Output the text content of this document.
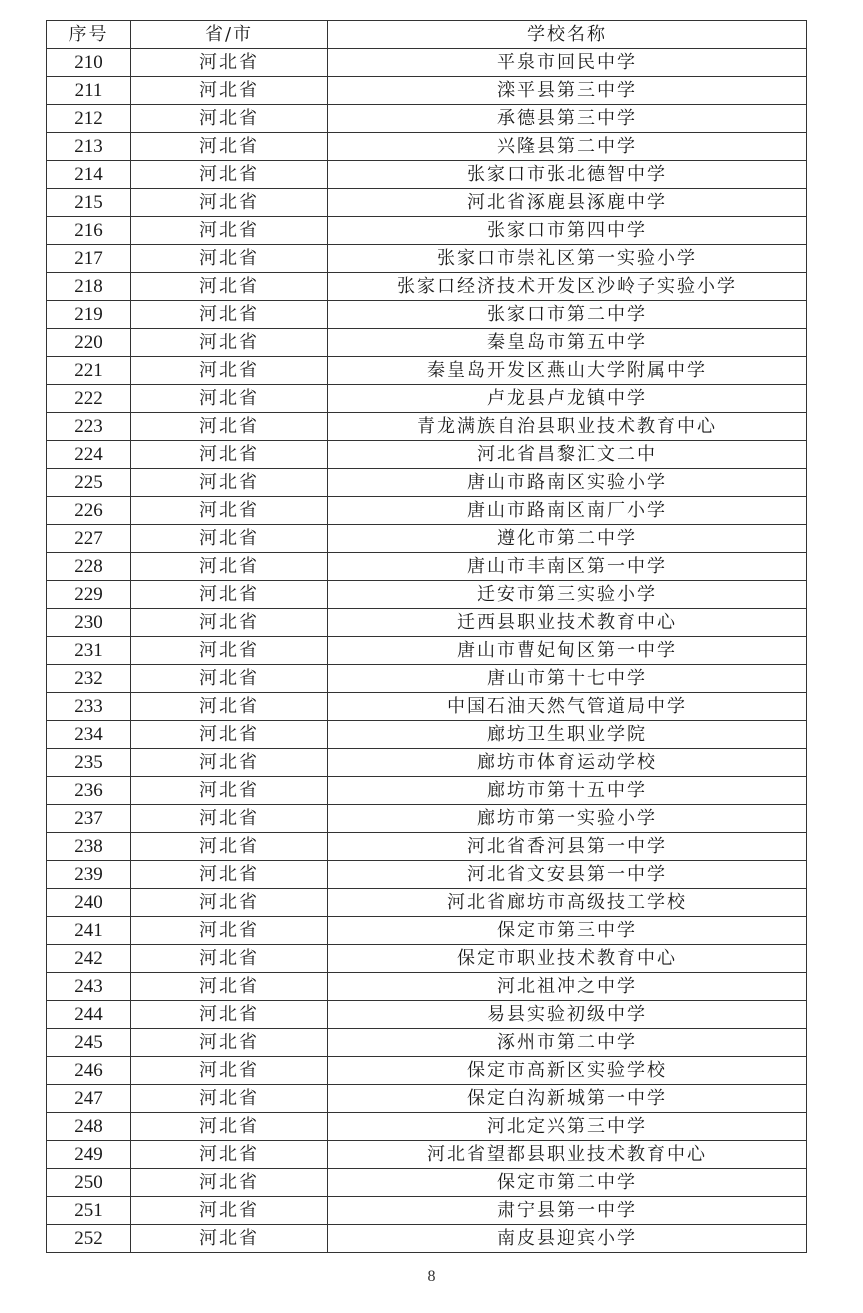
序号	省/市	学校名称
210	河北省	平泉市回民中学
211	河北省	滦平县第三中学
212	河北省	承德县第三中学
213	河北省	兴隆县第二中学
214	河北省	张家口市张北德智中学
215	河北省	河北省涿鹿县涿鹿中学
216	河北省	张家口市第四中学
217	河北省	张家口市崇礼区第一实验小学
218	河北省	张家口经济技术开发区沙岭子实验小学
219	河北省	张家口市第二中学
220	河北省	秦皇岛市第五中学
221	河北省	秦皇岛开发区燕山大学附属中学
222	河北省	卢龙县卢龙镇中学
223	河北省	青龙满族自治县职业技术教育中心
224	河北省	河北省昌黎汇文二中
225	河北省	唐山市路南区实验小学
226	河北省	唐山市路南区南厂小学
227	河北省	遵化市第二中学
228	河北省	唐山市丰南区第一中学
229	河北省	迁安市第三实验小学
230	河北省	迁西县职业技术教育中心
231	河北省	唐山市曹妃甸区第一中学
232	河北省	唐山市第十七中学
233	河北省	中国石油天然气管道局中学
234	河北省	廊坊卫生职业学院
235	河北省	廊坊市体育运动学校
236	河北省	廊坊市第十五中学
237	河北省	廊坊市第一实验小学
238	河北省	河北省香河县第一中学
239	河北省	河北省文安县第一中学
240	河北省	河北省廊坊市高级技工学校
241	河北省	保定市第三中学
242	河北省	保定市职业技术教育中心
243	河北省	河北祖冲之中学
244	河北省	易县实验初级中学
245	河北省	涿州市第二中学
246	河北省	保定市高新区实验学校
247	河北省	保定白沟新城第一中学
248	河北省	河北定兴第三中学
249	河北省	河北省望都县职业技术教育中心
250	河北省	保定市第二中学
251	河北省	肃宁县第一中学
252	河北省	南皮县迎宾小学
8
